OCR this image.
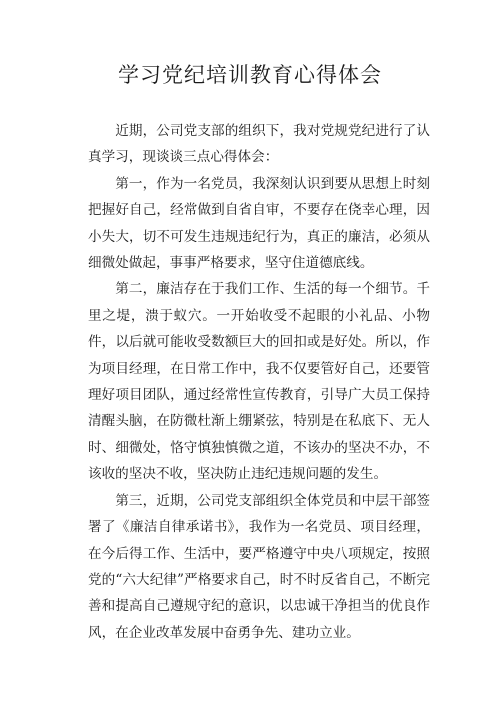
学习党纪培训教育心得体会

近期，公司党支部的组织下，我对党规党纪进行了认真学习，现谈谈三点心得体会：

第一，作为一名党员，我深刻认识到要从思想上时刻把握好自己，经常做到自省自审，不要存在侥幸心理，因小失大，切不可发生违规违纪行为，真正的廉洁，必须从细微处做起，事事严格要求，坚守住道德底线。

第二，廉洁存在于我们工作、生活的每一个细节。千里之堤，溃于蚁穴。一开始收受不起眼的小礼品、小物件，以后就可能收受数额巨大的回扣或是好处。所以，作为项目经理，在日常工作中，我不仅要管好自己，还要管理好项目团队，通过经常性宣传教育，引导广大员工保持清醒头脑，在防微杜渐上绷紧弦，特别是在私底下、无人时、细微处，恪守慎独慎微之道，不该办的坚决不办，不该收的坚决不收，坚决防止违纪违规问题的发生。

第三，近期，公司党支部组织全体党员和中层干部签署了《廉洁自律承诺书》，我作为一名党员、项目经理，在今后得工作、生活中，要严格遵守中央八项规定，按照党的“六大纪律”严格要求自己，时不时反省自己，不断完善和提高自己遵规守纪的意识，以忠诚干净担当的优良作风，在企业改革发展中奋勇争先、建功立业。
